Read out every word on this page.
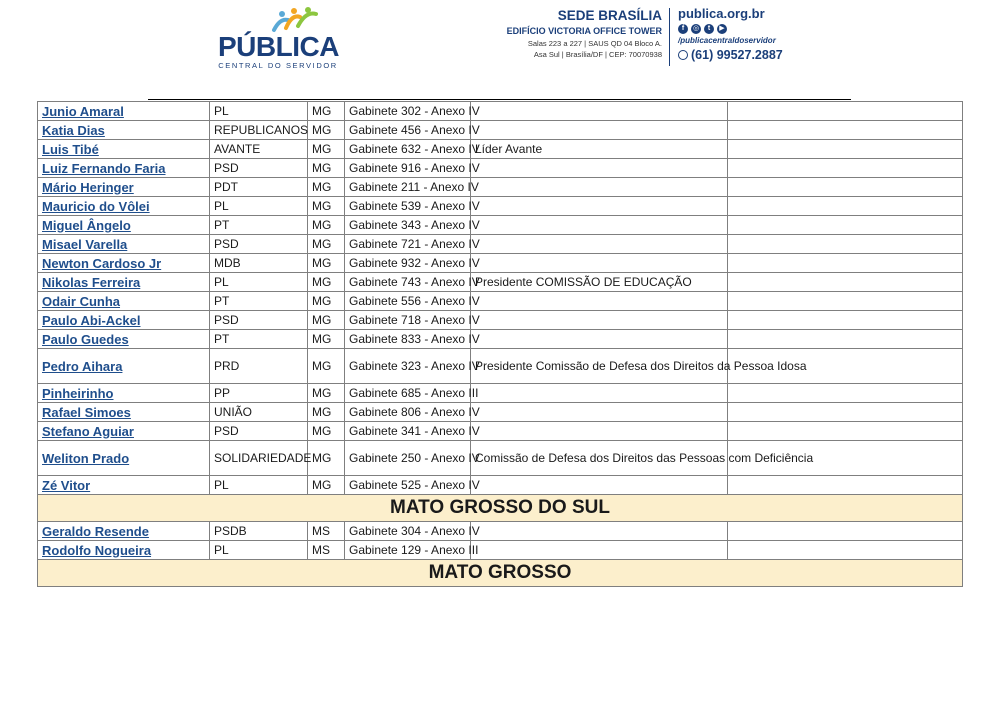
PÚBLICA
CENTRAL DO SERVIDOR
SEDE BRASÍLIA
EDIFÍCIO VICTORIA OFFICE TOWER
Salas 223 a 227 | SAUS QD 04 Bloco A.
Asa Sul | Brasília/DF | CEP: 70070938
publica.org.br
f	◎	t	▶
/publicacentraldoservidor
(61) 99527.2887
Junio Amaral	PL	MG	Gabinete 302 - Anexo IV		
Katia Dias	REPUBLICANOS	MG	Gabinete 456 - Anexo IV		
Luis Tibé	AVANTE	MG	Gabinete 632 - Anexo IV	Líder Avante	
Luiz Fernando Faria	PSD	MG	Gabinete 916 - Anexo IV		
Mário Heringer	PDT	MG	Gabinete 211 - Anexo IV		
Mauricio do Vôlei	PL	MG	Gabinete 539 - Anexo IV		
Miguel Ângelo	PT	MG	Gabinete 343 - Anexo IV		
Misael Varella	PSD	MG	Gabinete 721 - Anexo IV		
Newton Cardoso Jr	MDB	MG	Gabinete 932 - Anexo IV		
Nikolas Ferreira	PL	MG	Gabinete 743 - Anexo IV	Presidente COMISSÃO DE EDUCAÇÃO	
Odair Cunha	PT	MG	Gabinete 556 - Anexo IV		
Paulo Abi-Ackel	PSD	MG	Gabinete 718 - Anexo IV		
Paulo Guedes	PT	MG	Gabinete 833 - Anexo IV		
Pedro Aihara	PRD	MG	Gabinete 323 - Anexo IV	Presidente Comissão de Defesa dos Direitos da Pessoa Idosa	
Pinheirinho	PP	MG	Gabinete 685 - Anexo III		
Rafael Simoes	UNIÃO	MG	Gabinete 806 - Anexo IV		
Stefano Aguiar	PSD	MG	Gabinete 341 - Anexo IV		
Weliton Prado	SOLIDARIEDADE	MG	Gabinete 250 - Anexo IV	Comissão de Defesa dos Direitos das Pessoas com Deficiência	
Zé Vitor	PL	MG	Gabinete 525 - Anexo IV		
MATO GROSSO DO SUL					
Geraldo Resende	PSDB	MS	Gabinete 304 - Anexo IV		
Rodolfo Nogueira	PL	MS	Gabinete 129 - Anexo III		
MATO GROSSO					
